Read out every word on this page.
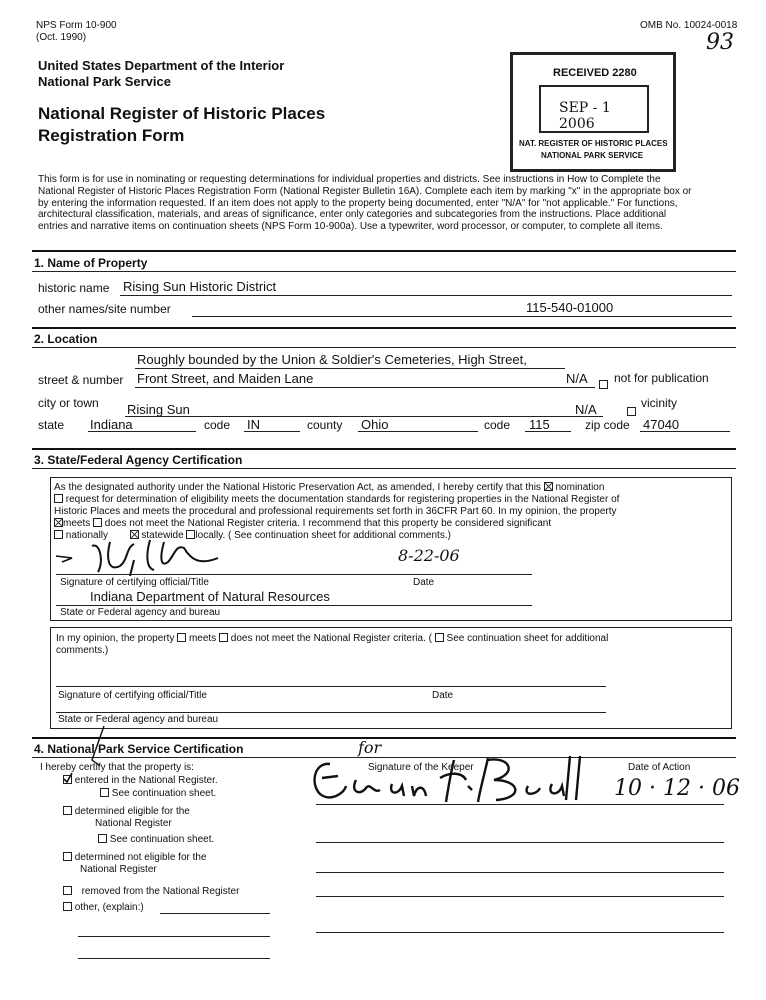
NPS Form 10-900
(Oct. 1990)
OMB No. 10024-0018
93
United States Department of the Interior
National Park Service
National Register of Historic Places
Registration Form
RECEIVED 2280
SEP - 1 2006
NAT. REGISTER OF HISTORIC PLACES
NATIONAL PARK SERVICE
This form is for use in nominating or requesting determinations for individual properties and districts. See instructions in How to Complete the
National Register of Historic Places Registration Form (National Register Bulletin 16A). Complete each item by marking "x" in the appropriate box or
by entering the information requested. If an item does not apply to the property being documented, enter "N/A" for "not applicable." For functions,
architectural classification, materials, and areas of significance, enter only categories and subcategories from the instructions. Place additional
entries and narrative items on continuation sheets (NPS Form 10-900a). Use a typewriter, word processor, or computer, to complete all items.
1. Name of Property
historic name Rising Sun Historic District
other names/site number	115-540-01000
2. Location
Roughly bounded by the Union & Soldier's Cemeteries, High Street,
street & number Front Street, and Maiden Lane	N/A
not for publication
city or town Rising Sun	N/A	vicinity
state Indiana	code IN	county Ohio	code 115	zip code 47040
3. State/Federal Agency Certification
As the designated authority under the National Historic Preservation Act, as amended, I hereby certify that this nomination
request for determination of eligibility meets the documentation standards for registering properties in the National Register of
Historic Places and meets the procedural and professional requirements set forth in 36CFR Part 60. In my opinion, the property
meets does not meet the National Register criteria. I recommend that this property be considered significant
nationally	statewide locally. ( See continuation sheet for additional comments.)
8-22-06
Signature of certifying official/Title	Date
Indiana Department of Natural Resources
State or Federal agency and bureau
In my opinion, the property meets does not meet the National Register criteria. ( See continuation sheet for additional
comments.)
Signature of certifying official/Title	Date
State or Federal agency and bureau
4. National Park Service Certification
I hereby certify that the property is:
entered in the National Register.
See continuation sheet.
determined eligible for the
National Register
See continuation sheet.
determined not eligible for the
National Register
removed from the National Register
other, (explain:)
Signature of the Keeper	Date of Action
for
10 · 12 · 06
